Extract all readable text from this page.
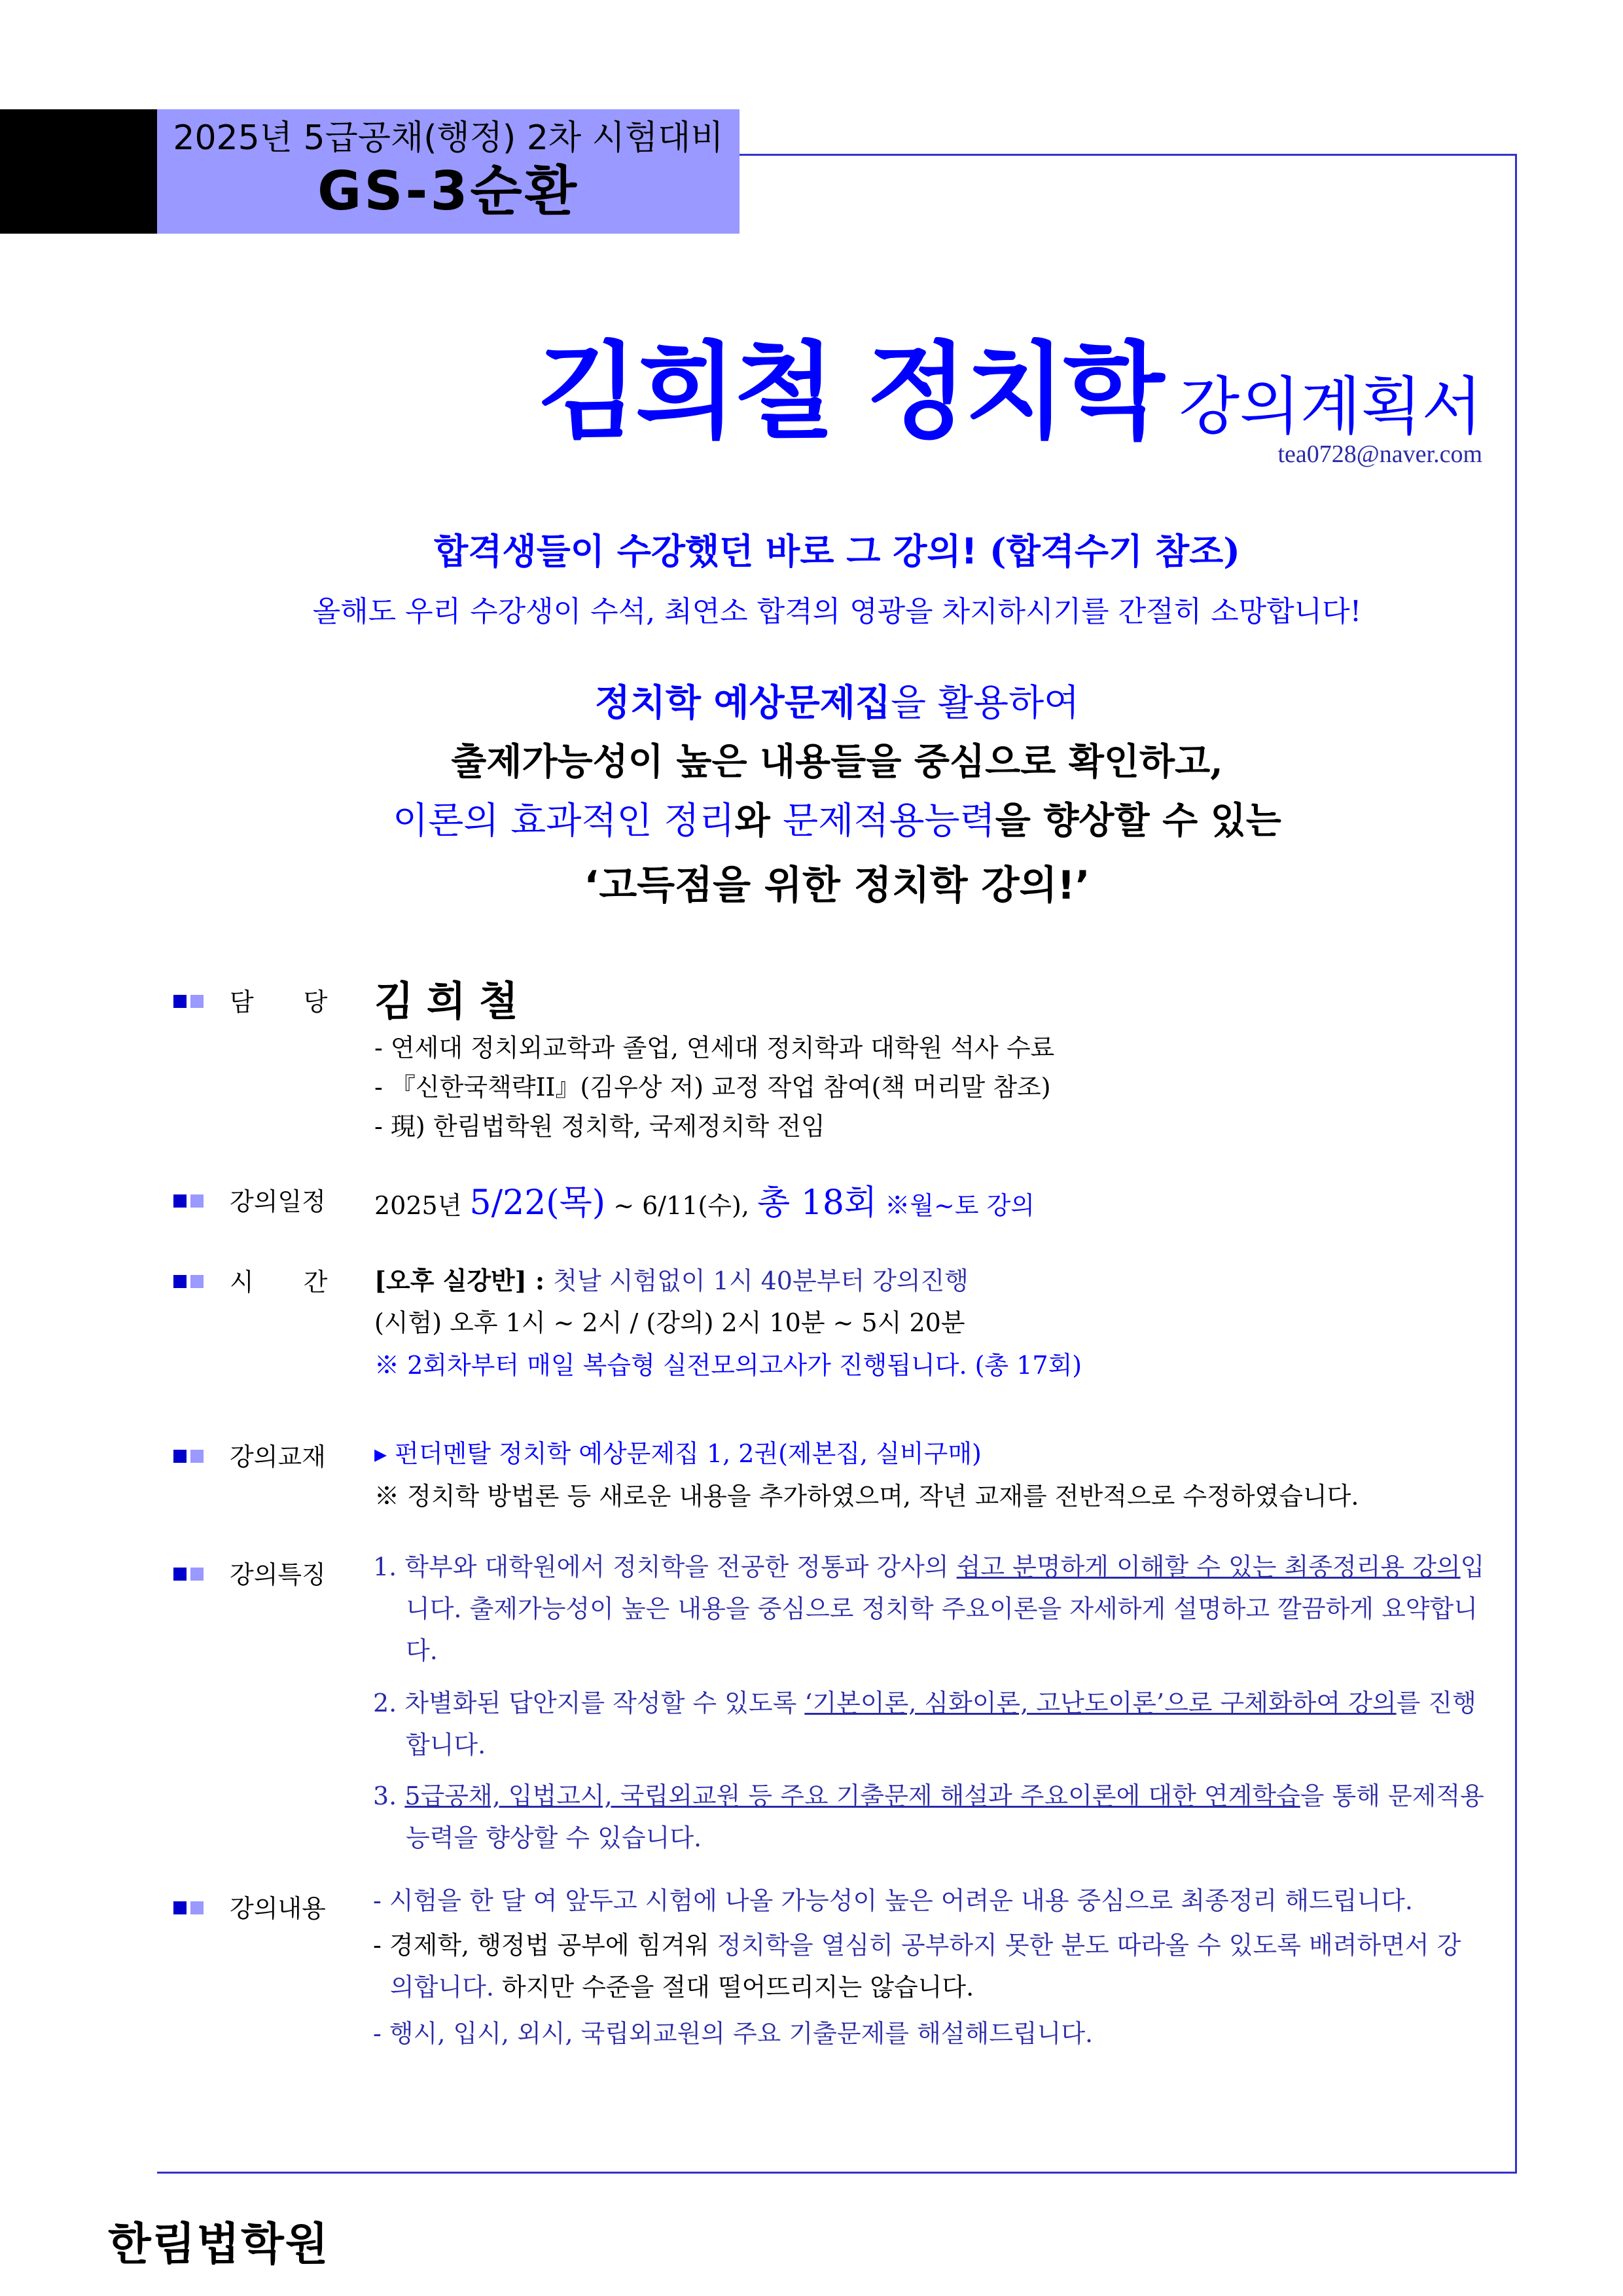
2025년 5급공채(행정) 2차 시험대비
GS-3순환
김희철 정치학 강의계획서
tea0728@naver.com
합격생들이 수강했던 바로 그 강의! (합격수기 참조)
올해도 우리 수강생이 수석, 최연소 합격의 영광을 차지하시기를 간절히 소망합니다!
정치학 예상문제집을 활용하여
출제가능성이 높은 내용들을 중심으로 확인하고,
이론의 효과적인 정리와 문제적용능력을 향상할 수 있는
‘고득점을 위한 정치학 강의!’
담　　당 김희철
- 연세대 정치외교학과 졸업, 연세대 정치학과 대학원 석사 수료
- 『신한국책략II』(김우상 저) 교정 작업 참여(책 머리말 참조)
- 現) 한림법학원 정치학, 국제정치학 전임
강의일정 2025년 5/22(목) ~ 6/11(수), 총 18회 ※월~토 강의
시　　간 [오후 실강반] : 첫날 시험없이 1시 40분부터 강의진행
(시험) 오후 1시 ~ 2시 / (강의) 2시 10분 ~ 5시 20분
※ 2회차부터 매일 복습형 실전모의고사가 진행됩니다. (총 17회)
강의교재 ▸ 펀더멘탈 정치학 예상문제집 1, 2권(제본집, 실비구매)
※ 정치학 방법론 등 새로운 내용을 추가하였으며, 작년 교재를 전반적으로 수정하였습니다.
강의특징 1. 학부와 대학원에서 정치학을 전공한 정통파 강사의 쉽고 분명하게 이해할 수 있는 최종정리용 강의입니다. 출제가능성이 높은 내용을 중심으로 정치학 주요이론을 자세하게 설명하고 깔끔하게 요약합니다.
2. 차별화된 답안지를 작성할 수 있도록 ‘기본이론, 심화이론, 고난도이론’으로 구체화하여 강의를 진행합니다.
3. 5급공채, 입법고시, 국립외교원 등 주요 기출문제 해설과 주요이론에 대한 연계학습을 통해 문제적용능력을 향상할 수 있습니다.
강의내용 - 시험을 한 달 여 앞두고 시험에 나올 가능성이 높은 어려운 내용 중심으로 최종정리 해드립니다.
- 경제학, 행정법 공부에 힘겨워 정치학을 열심히 공부하지 못한 분도 따라올 수 있도록 배려하면서 강의합니다. 하지만 수준을 절대 떨어뜨리지는 않습니다.
- 행시, 입시, 외시, 국립외교원의 주요 기출문제를 해설해드립니다.
한림법학원
